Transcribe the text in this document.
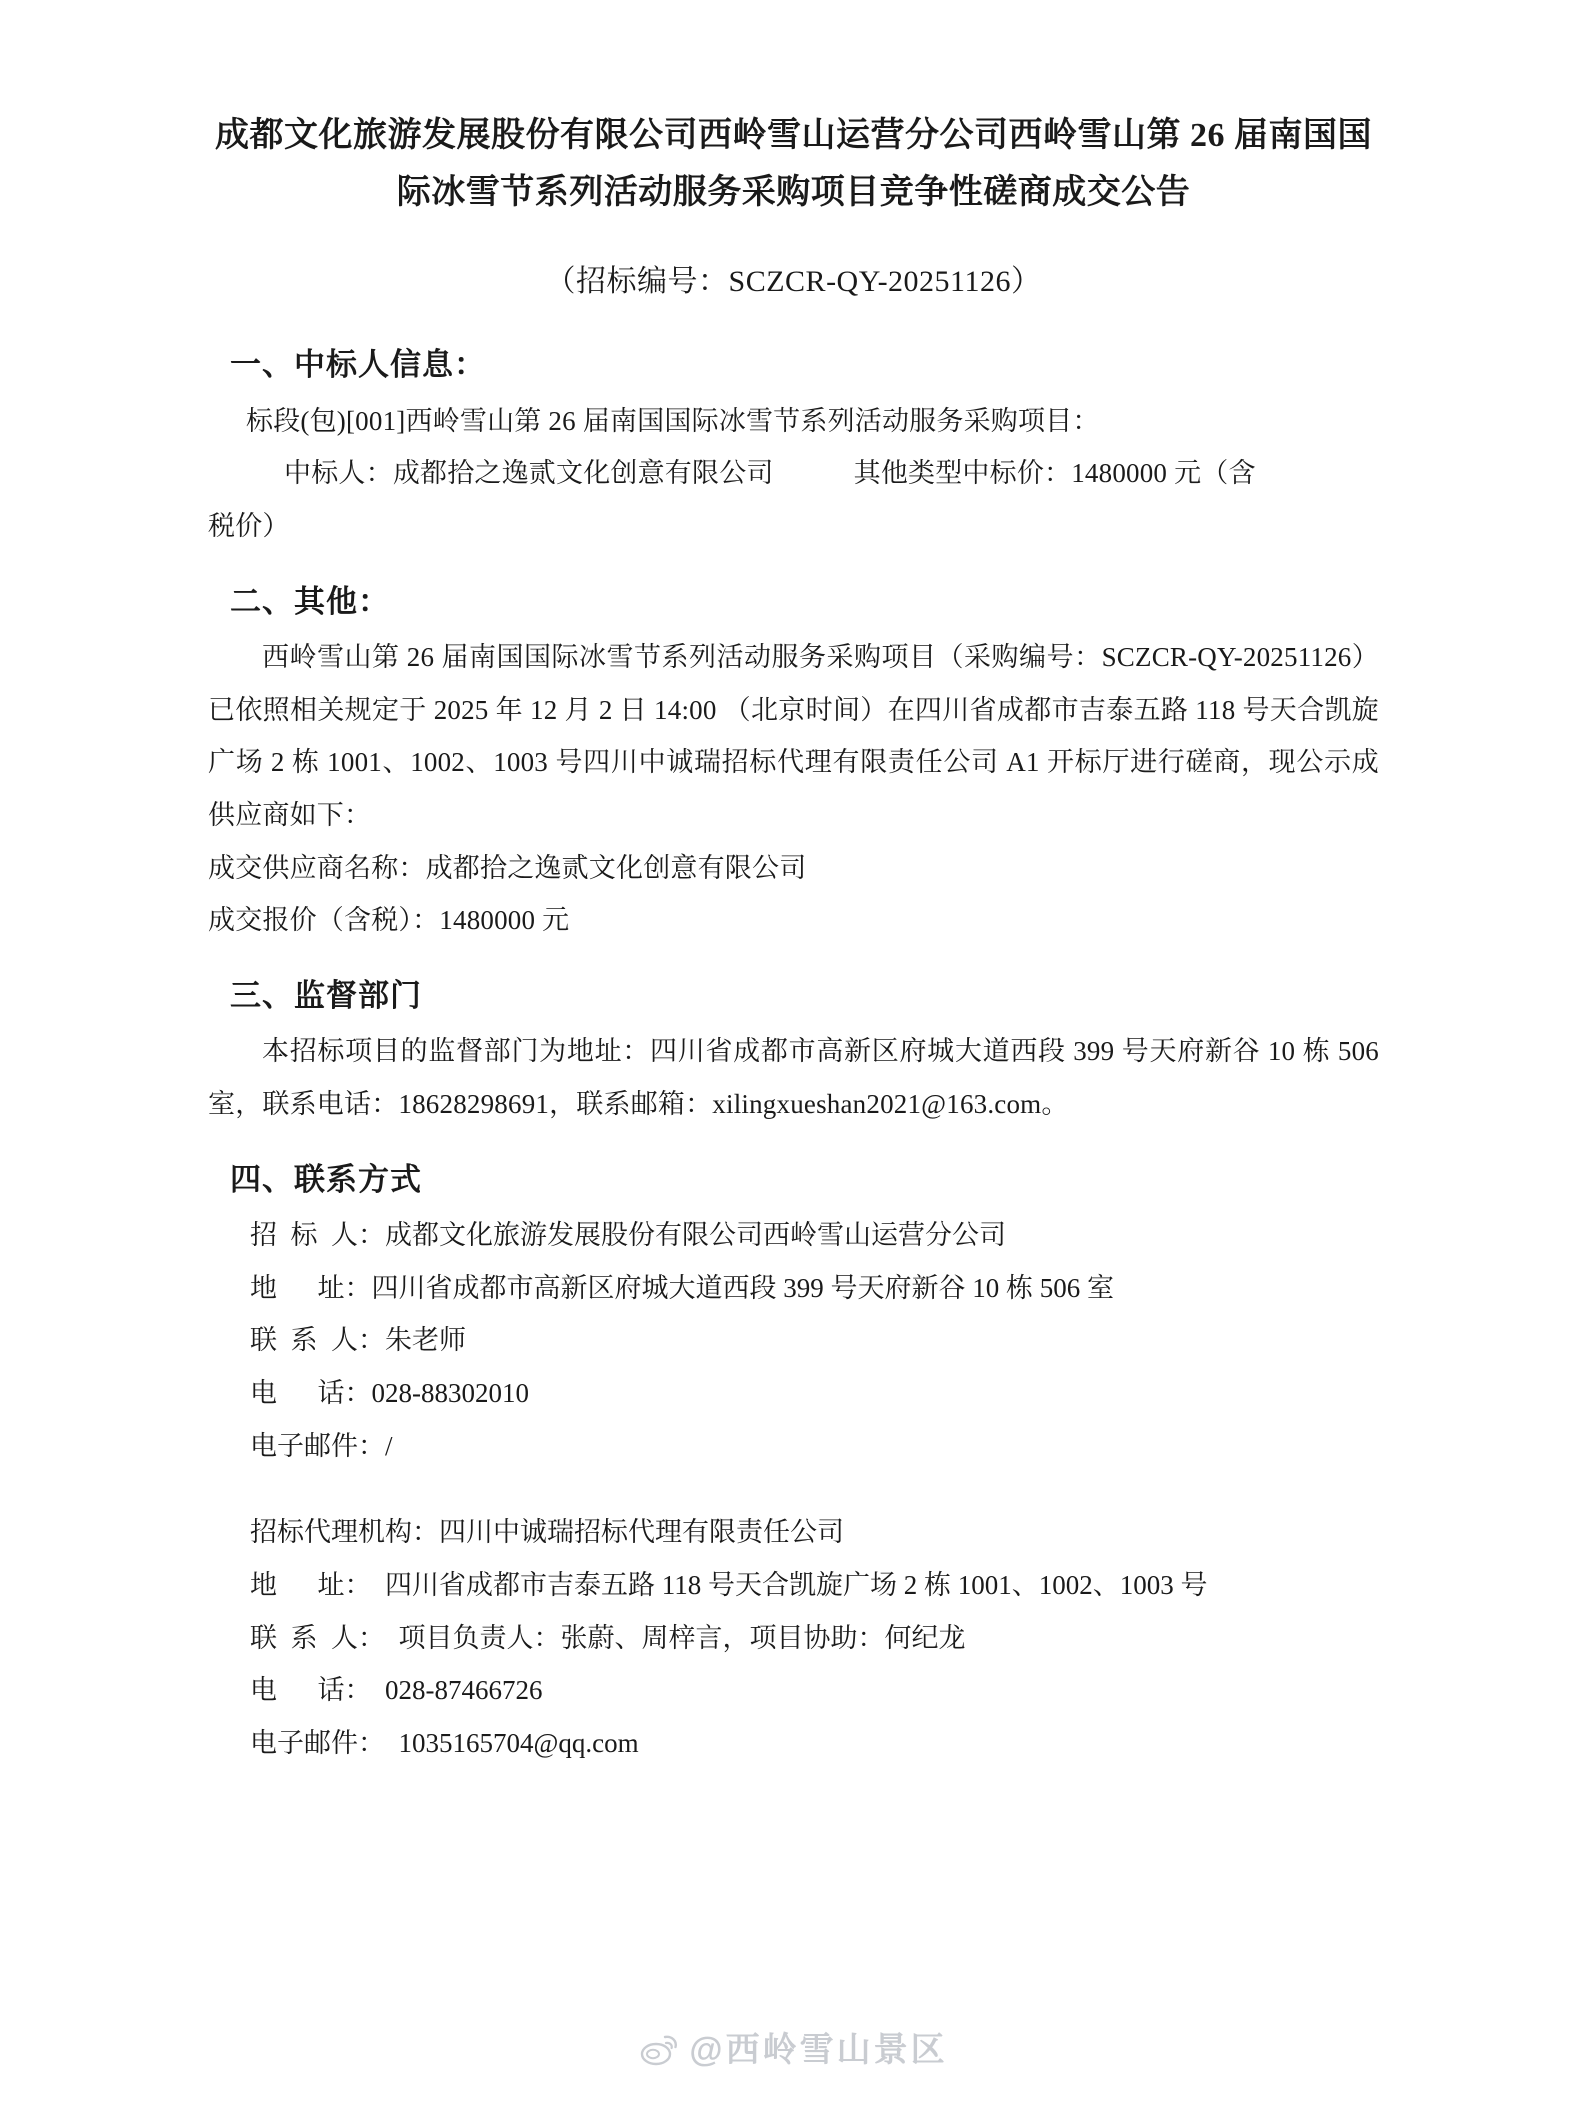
成都文化旅游发展股份有限公司西岭雪山运营分公司西岭雪山第 26 届南国国
际冰雪节系列活动服务采购项目竞争性磋商成交公告
（招标编号：SCZCR-QY-20251126）
一、中标人信息：
标段(包)[001]西岭雪山第 26 届南国国际冰雪节系列活动服务采购项目：
中标人：成都拾之逸贰文化创意有限公司	其他类型中标价：1480000 元（含
税价）
二、其他：
西岭雪山第 26 届南国国际冰雪节系列活动服务采购项目（采购编号：SCZCR-QY-20251126）已依照相关规定于 2025 年 12 月 2 日 14:00 （北京时间）在四川省成都市吉泰五路 118 号天合凯旋广场 2 栋 1001、1002、1003 号四川中诚瑞招标代理有限责任公司 A1 开标厅进行磋商，现公示成供应商如下：
成交供应商名称：成都拾之逸贰文化创意有限公司
成交报价（含税）：1480000 元
三、监督部门
本招标项目的监督部门为地址：四川省成都市高新区府城大道西段 399 号天府新谷 10 栋 506 室，联系电话：18628298691，联系邮箱：xilingxueshan2021@163.com。
四、联系方式
招  标  人：成都文化旅游发展股份有限公司西岭雪山运营分公司
地      址：四川省成都市高新区府城大道西段 399 号天府新谷 10 栋 506 室
联  系  人：朱老师
电      话：028-88302010
电子邮件：/
招标代理机构：四川中诚瑞招标代理有限责任公司
地      址：  四川省成都市吉泰五路 118 号天合凯旋广场 2 栋 1001、1002、1003 号
联  系  人：  项目负责人：张蔚、周梓言，项目协助：何纪龙
电      话：  028-87466726
电子邮件：  1035165704@qq.com
@西岭雪山景区
